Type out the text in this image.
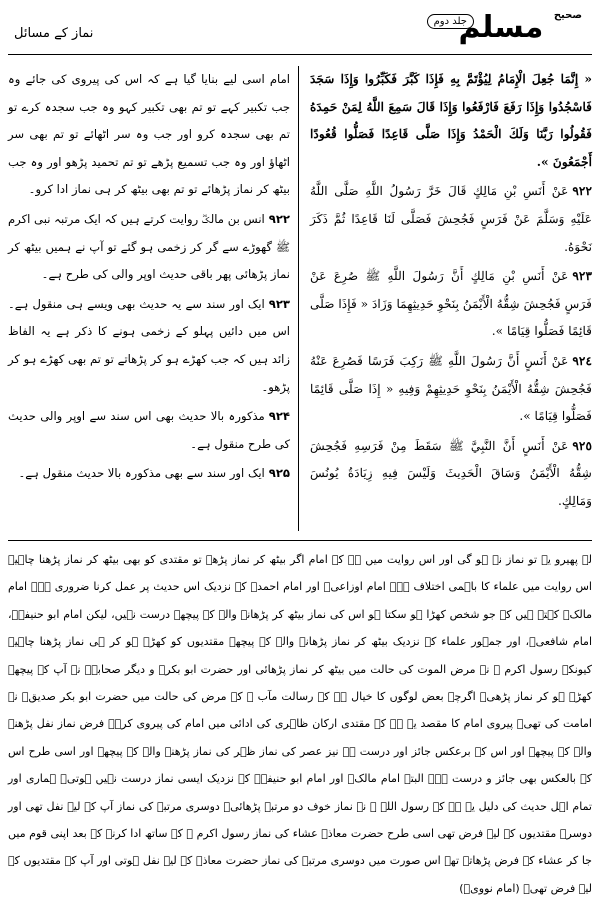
نماز کے مسائل
جلد دوم
$^{صحیح}$ مسلم

« إِنَّمَا جُعِلَ الْإِمَامُ لِيُؤْتَمَّ بِهِ فَإِذَا كَبَّرَ فَكَبِّرُوا وَإِذَا سَجَدَ فَاسْجُدُوا وَإِذَا رَفَعَ فَارْفَعُوا وَإِذَا قَالَ سَمِعَ اللَّهُ لِمَنْ حَمِدَهُ فَقُولُوا رَبَّنَا وَلَكَ الْحَمْدُ وَإِذَا صَلَّى قَاعِدًا فَصَلُّوا قُعُودًا أَجْمَعُونَ ».

٩٢٢عَنْ أَنَسِ بْنِ مَالِكٍ قَالَ خَرَّ رَسُولُ اللَّهِ صَلَّى اللَّهُ عَلَيْهِ وَسَلَّمَ عَنْ فَرَسٍ فَجُحِشَ فَصَلَّى لَنَا قَاعِدًا ثُمَّ ذَكَرَ نَحْوَهُ.

٩٢٣عَنْ أَنَسِ بْنِ مَالِكٍ أَنَّ رَسُولَ اللَّهِ ﷺ صُرِعَ عَنْ فَرَسٍ فَجُحِشَ شِقُّهُ الْأَيْمَنُ بِنَحْوِ حَدِيثِهِمَا وَزَادَ « فَإِذَا صَلَّى قَائِمًا فَصَلُّوا قِيَامًا ».

٩٢٤عَنْ أَنَسٍ أَنَّ رَسُولَ اللَّهِ ﷺ رَكِبَ فَرَسًا فَصُرِعَ عَنْهُ فَجُحِشَ شِقُّهُ الْأَيْمَنُ بِنَحْوِ حَدِيثِهِمْ وَفِيهِ « إِذَا صَلَّى قَائِمًا فَصَلُّوا قِيَامًا ».

٩٢٥عَنْ أَنَسٍ أَنَّ النَّبِيَّ ﷺ سَقَطَ مِنْ فَرَسِهِ فَجُحِشَ شِقُّهُ الْأَيْمَنُ وَسَاقَ الْحَدِيثَ وَلَيْسَ فِيهِ زِيَادَةُ يُونُسَ وَمَالِكٍ.

امام اسی لیے بنایا گیا ہے کہ اس کی پیروی کی جائے وہ جب تکبیر کہے تو تم بھی تکبیر کہو وہ جب سجدہ کرے تو تم بھی سجدہ کرو اور جب وہ سر اٹھائے تو تم بھی سر اٹھاؤ اور وہ جب تسمیع پڑھے تو تم تحمید پڑھو اور وہ جب بیٹھ کر نماز پڑھائے تو تم بھی بیٹھ کر ہی نماز ادا کرو۔

۹۲۲انس بن مالکؓ روایت کرتے ہیں کہ ایک مرتبہ نبی اکرم ﷺ گھوڑے سے گر کر زخمی ہو گئے تو آپ نے ہمیں بیٹھ کر نماز پڑھائی پھر باقی حدیث اوپر والی کی طرح ہے۔

۹۲۳ایک اور سند سے یہ حدیث بھی ویسے ہی منقول ہے۔ اس میں دائیں پہلو کے زخمی ہونے کا ذکر ہے یہ الفاظ زائد ہیں کہ جب کھڑے ہو کر پڑھاتے تو تم بھی کھڑے ہو کر پڑھو۔

۹۲۴مذکورہ بالا حدیث بھی اس سند سے اوپر والی حدیث کی طرح منقول ہے۔

۹۲۵ایک اور سند سے بھی مذکورہ بالا حدیث منقول ہے۔

لہ پھیرو یے تو نماز نہ ہو گی اور اس روایت میں ہے کہ امام اگر بیٹھ کر نماز پڑھے تو مقتدی کو بھی بیٹھ کر نماز پڑھنا چاہیے اس روایت میں علماء کا باہمی اختلاف ہے۔ امام اوزاعیؒ اور امام احمدؒ کے نزدیک اس حدیث پر عمل کرنا ضروری ہے۔ امام مالکؒ کہتے ہیں کہ جو شخص کھڑا ہو سکتا ہو اس کی نماز بیٹھ کر پڑھانے والے کے پیچھے درست نہیں، لیکن امام ابو حنیفہؒ، امام شافعیؒ، اور جمہور علماء کے نزدیک بیٹھ کر نماز پڑھانے والے کے پیچھے مقتدیوں کو کھڑے ہو کر ہی نماز پڑھنا چاہیے کیونکہ رسول اکرم ﷺ نے مرض الموت کی حالت میں بیٹھ کر نماز پڑھائی اور حضرت ابو بکرؓ و دیگر صحابہؓ نے آپ کے پیچھے کھڑے ہو کر نماز پڑھی۔ اگرچہ بعض لوگوں کا خیال ہے کہ رسالت مآب ﷺ کے مرض کی حالت میں حضرت ابو بکر صدیقؓ نے امامت کی تھی۔ پیروی امام کا مقصد یہ ہے کہ مقتدی ارکان ظاہری کی ادائی میں امام کی پیروی کرے۔ فرض نماز نفل پڑھنے والے کے پیچھے اور اس کے برعکس جائز اور درست ہے نیز عصر کی نماز ظہر کی نماز پڑھنے والے کے پیچھے اور اسی طرح اس کے بالعکس بھی جائز و درست ہے۔ البتہ امام مالکؒ اور امام ابو حنیفہؒ کے نزدیک ایسی نماز درست نہیں ہوتی۔ ہماری اور تمام اہل حدیث کی دلیل یہ ہے کہ رسول اللہ ﷺ نے نماز خوف دو مرتبہ پڑھائی۔ دوسری مرتبہ کی نماز آپ کے لیے نفل تھی اور دوسرے مقتدیوں کے لیے فرض تھی اسی طرح حضرت معاذؓ عشاء کی نماز رسول اکرم ﷺ کے ساتھ ادا کرنے کے بعد اپنی قوم میں جا کر عشاء کے فرض پڑھاتے تھے اس صورت میں دوسری مرتبہ کی نماز حضرت معاذؓ کے لیے نفل ہوتی اور آپ کے مقتدیوں کے لیے فرض تھی۔ (امام نوویؒ)
